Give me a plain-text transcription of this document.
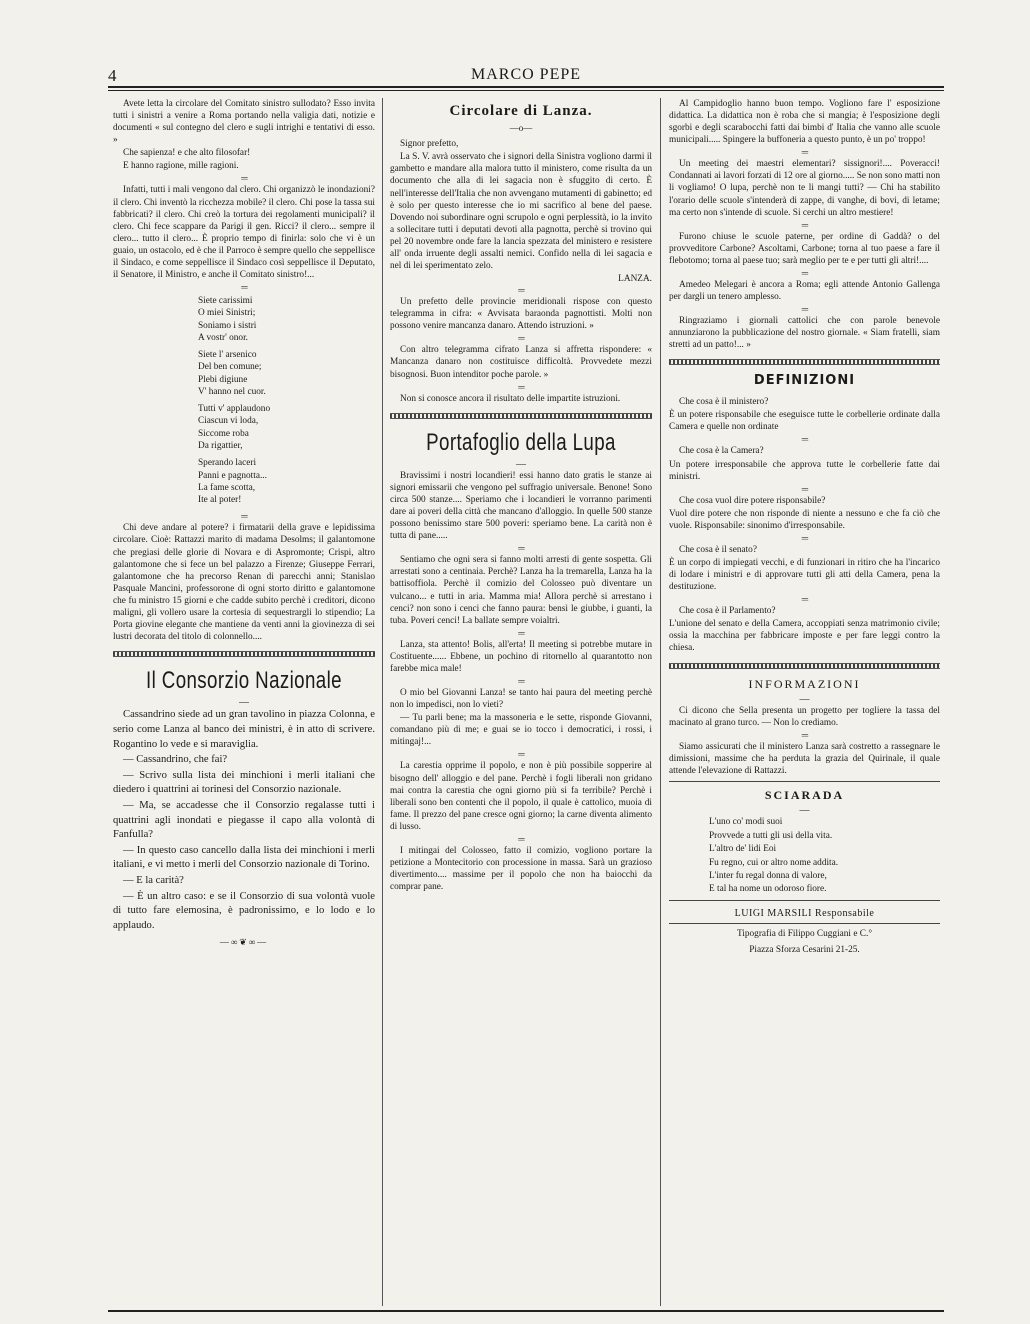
4	MARCO PEPE

Avete letta la circolare del Comitato sinistro sullodato? Esso invita tutti i sinistri a venire a Roma portando nella valigia dati, notizie e documenti « sul contegno del clero e sugli intrighi e tentativi di esso. »

Che sapienza! e che alto filosofar!

E hanno ragione, mille ragioni.

═

Infatti, tutti i mali vengono dal clero. Chi organizzò le inondazioni? il clero. Chi inventò la ricchezza mobile? il clero. Chi pose la tassa sui fabbricati? il clero. Chi creò la tortura dei regolamenti municipali? il clero. Chi fece scappare da Parigi il gen. Ricci? il clero... sempre il clero... tutto il clero... È proprio tempo di finirla: solo che vi è un guaio, un ostacolo, ed è che il Parroco è sempre quello che seppellisce il Sindaco, e come seppellisce il Sindaco così seppellisce il Deputato, il Senatore, il Ministro, e anche il Comitato sinistro!...

═
Siete carissimi
O miei Sinistri;
Soniamo i sistri
A vostr' onor.
Siete l' arsenico
Del ben comune;
Plebi digiune
V' hanno nel cuor.
Tutti v' applaudono
Ciascun vi loda,
Siccome roba
Da rigattier,
Sperando laceri
Panni e pagnotta...
La fame scotta,
Ite al poter!
═

Chi deve andare al potere? i firmatarii della grave e lepidissima circolare. Cioè: Rattazzi marito di madama Desolms; il galantomone che pregiasi delle glorie di Novara e di Aspromonte; Crispi, altro galantomone che si fece un bel palazzo a Firenze; Giuseppe Ferrari, galantomone che ha precorso Renan di parecchi anni; Stanislao Pasquale Mancini, professorone di ogni storto diritto e galantomone che fu ministro 15 giorni e che cadde subito perchè i creditori, dicono maligni, gli vollero usare la cortesia di sequestrargli lo stipendio; La Porta giovine elegante che mantiene da venti anni la giovinezza di sei lustri decorata del titolo di colonnello....

Il Consorzio Nazionale
—

Cassandrino siede ad un gran tavolino in piazza Colonna, e serio come Lanza al banco dei ministri, è in atto di scrivere. Rogantino lo vede e si maraviglia.

— Cassandrino, che fai?

— Scrivo sulla lista dei minchioni i merli italiani che diedero i quattrini ai torinesi del Consorzio nazionale.

— Ma, se accadesse che il Consorzio regalasse tutti i quattrini agli inondati e piegasse il capo alla volontà di Fanfulla?

— In questo caso cancello dalla lista dei minchioni i merli italiani, e vi metto i merli del Consorzio nazionale di Torino.

— E la carità?

— È un altro caso: e se il Consorzio di sua volontà vuole di tutto fare elemosina, è padronissimo, e lo lodo e lo applaudo.

—∞❦∞—
Circolare di Lanza.
—o—

Signor prefetto,

La S. V. avrà osservato che i signori della Sinistra vogliono darmi il gambetto e mandare alla malora tutto il ministero, come risulta da un documento che alla di lei sagacia non è sfuggito di certo. È nell'interesse dell'Italia che non avvengano mutamenti di gabinetto; ed è solo per questo interesse che io mi sacrifico al bene del paese. Dovendo noi subordinare ogni scrupolo e ogni perplessità, io la invito a sollecitare tutti i deputati devoti alla pagnotta, perchè si trovino qui pel 20 novembre onde fare la lancia spezzata del ministero e resistere all' onda irruente degli assalti nemici. Confido nella di lei sagacia e nel di lei sperimentato zelo.

LANZA.
═

Un prefetto delle provincie meridionali rispose con questo telegramma in cifra: « Avvisata baraonda pagnottisti. Molti non possono venire mancanza danaro. Attendo istruzioni. »

═

Con altro telegramma cifrato Lanza si affretta rispondere: « Mancanza danaro non costituisce difficoltà. Provvedete mezzi bisognosi. Buon intenditor poche parole. »

═

Non si conosce ancora il risultato delle impartite istruzioni.

Portafoglio della Lupa
—

Bravissimi i nostri locandieri! essi hanno dato gratis le stanze ai signori emissarii che vengono pel suffragio universale. Benone! Sono circa 500 stanze.... Speriamo che i locandieri le vorranno parimenti dare ai poveri della città che mancano d'alloggio. In quelle 500 stanze possono benissimo stare 500 poveri: speriamo bene. La carità non è tutta di pane.....

═

Sentiamo che ogni sera si fanno molti arresti di gente sospetta. Gli arrestati sono a centinaia. Perchè? Lanza ha la tremarella, Lanza ha la battisoffiola. Perchè il comizio del Colosseo può diventare un vulcano... e tutti in aria. Mamma mia! Allora perchè si arrestano i cenci? non sono i cenci che fanno paura: bensì le giubbe, i guanti, la tuba. Poveri cenci! La ballate sempre voialtri.

═

Lanza, sta attento! Bolis, all'erta! Il meeting si potrebbe mutare in Costituente...... Ebbene, un pochino di ritornello al quarantotto non farebbe mica male!

═

O mio bel Giovanni Lanza! se tanto hai paura del meeting perchè non lo impedisci, non lo vieti?

— Tu parli bene; ma la massoneria e le sette, risponde Giovanni, comandano più di me; e guai se io tocco i democratici, i rossi, i mitingaj!...

═

La carestia opprime il popolo, e non è più possibile sopperire al bisogno dell' alloggio e del pane. Perchè i fogli liberali non gridano mai contra la carestia che ogni giorno più si fa terribile? Perchè i liberali sono ben contenti che il popolo, il quale è cattolico, muoia di fame. Il prezzo del pane cresce ogni giorno; la carne diventa alimento di lusso.

═

I mitingai del Colosseo, fatto il comizio, vogliono portare la petizione a Montecitorio con processione in massa. Sarà un grazioso divertimento.... massime per il popolo che non ha baiocchi da comprar pane.

Al Campidoglio hanno buon tempo. Vogliono fare l' esposizione didattica. La didattica non è roba che si mangia; è l'esposizione degli sgorbi e degli scarabocchi fatti dai bimbi d' Italia che vanno alle scuole municipali..... Spingere la buffoneria a questo punto, è un po' troppo!

═

Un meeting dei maestri elementari? sissignori!.... Poveracci! Condannati ai lavori forzati di 12 ore al giorno..... Se non sono matti non li vogliamo! O lupa, perchè non te li mangi tutti? — Chi ha stabilito l'orario delle scuole s'intenderà di zappe, di vanghe, di bovi, di letame; ma certo non s'intende di scuole. Si cerchi un altro mestiere!

═

Furono chiuse le scuole paterne, per ordine di Gaddà? o del provveditore Carbone? Ascoltami, Carbone; torna al tuo paese a fare il flebotomo; torna al paese tuo; sarà meglio per te e per tutti gli altri!....

═

Amedeo Melegari è ancora a Roma; egli attende Antonio Gallenga per dargli un tenero amplesso.

═

Ringraziamo i giornali cattolici che con parole benevole annunziarono la pubblicazione del nostro giornale. « Siam fratelli, siam stretti ad un patto!... »

DEFINIZIONI

Che cosa è il ministero?

È un potere risponsabile che eseguisce tutte le corbellerie ordinate dalla Camera e quelle non ordinate

═

Che cosa è la Camera?

Un potere irresponsabile che approva tutte le corbellerie fatte dai ministri.

═

Che cosa vuol dire potere risponsabile?

Vuol dire potere che non risponde di niente a nessuno e che fa ciò che vuole. Risponsabile: sinonimo d'irresponsabile.

═

Che cosa è il senato?

È un corpo di impiegati vecchi, e di funzionari in ritiro che ha l'incarico di lodare i ministri e di approvare tutti gli atti della Camera, pena la destituzione.

═

Che cosa è il Parlamento?

L'unione del senato e della Camera, accoppiati senza matrimonio civile; ossia la macchina per fabbricare imposte e per fare leggi contro la chiesa.

INFORMAZIONI
—

Ci dicono che Sella presenta un progetto per togliere la tassa del macinato al grano turco. — Non lo crediamo.

═

Siamo assicurati che il ministero Lanza sarà costretto a rassegnare le dimissioni, massime che ha perduta la grazia del Quirinale, il quale attende l'elevazione di Rattazzi.

SCIARADA
—
L'uno co' modi suoi
Provvede a tutti gli usi della vita.
L'altro de' lidi Eoi
Fu regno, cui or altro nome addita.
L'inter fu regal donna di valore,
E tal ha nome un odoroso fiore.
LUIGI MARSILI Responsabile
Tipografia di Filippo Cuggiani e C.°
Piazza Sforza Cesarini 21-25.
